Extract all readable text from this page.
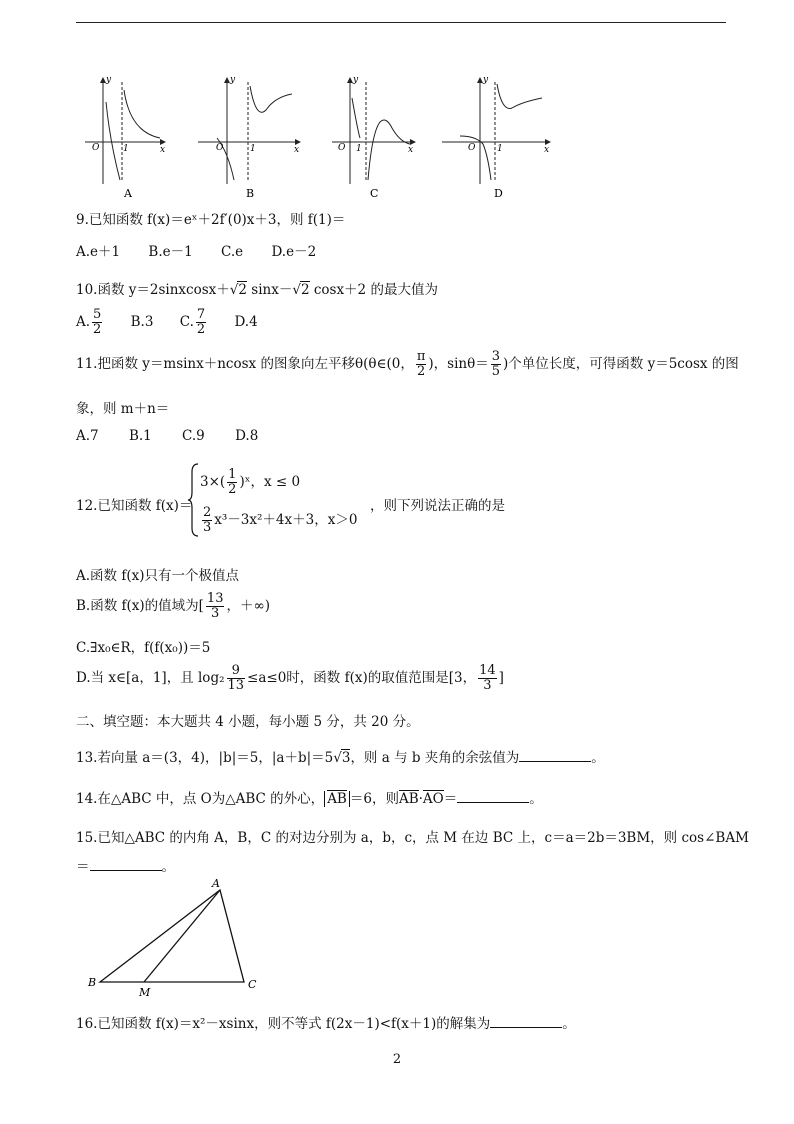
O	1	x
y
A
O	1	x
y
B
O 1	x
y
C
O 1	x
y
D
9.已知函数 f(x)＝eˣ＋2f′(0)x＋3，则 f(1)＝
A.e＋1 B.e－1 C.e D.e－2
10.函数 y＝2sinxcosx＋√2 sinx－√2 cosx＋2 的最大值为
A. $\frac{5}{2} B.3$ C. $\frac{7}{2} D.4$
11.把函数 y＝msinx＋ncosx 的图象向左平移θ(θ∈(0， $\frac{\pi}{2}$ )，$\sin\theta= \frac{3}{5}$ )个单位长度，可得函数 y＝5cosx 的图
象，则 m＋n＝
A.7 B.1 C.9 D.8
12.已知函数 f(x)＝
$3\times( \frac{1}{2}$ )ˣ，x ≤ 0
$\frac{2}{3} x^3-3x^2+4x+3$，x＞0
，则下列说法正确的是
A.函数 f(x)只有一个极值点
B.函数 f(x)的值域为[ $\frac{13}{3}$ ，＋∞)
C.∃x₀∈R，f(f(x₀))＝5
D.当 x∈[a，1]，且 $\log_2 \frac{9}{13} \le a\le 0$时，函数 f(x)的取值范围是[3， $\frac{14}{3}$ ]
二、填空题：本大题共 4 小题，每小题 5 分，共 20 分。
13.若向量 a＝(3，4)，|b|＝5，|a＋b|＝5√3，则 a 与 b 夹角的余弦值为	。
14.在△ABC 中，点 O为△ABC 的外心， AB ＝6，则AB·AO＝	。
15.已知△ABC 的内角 A，B，C 的对边分别为 a，b，c，点 M 在边 BC 上，c＝a＝2b＝3BM，则 cos∠BAM
＝	。
A
B	C
M
16.已知函数 f(x)＝x²－xsinx，则不等式 f(2x－1)<f(x＋1)的解集为	。
2
